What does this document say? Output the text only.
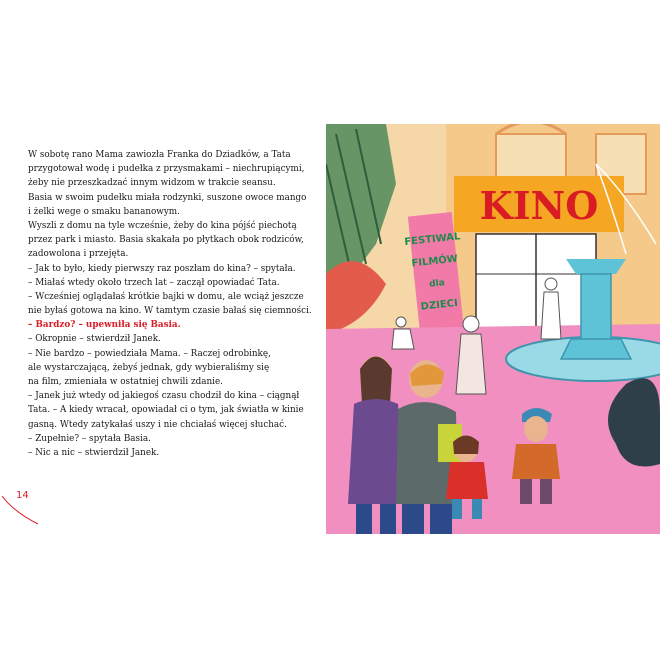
W sobotę rano Mama zawiozła Franka do Dziadków, a Tata
przygotował wodę i pudełka z przysmakami – niechrupiącymi,
żeby nie przeszkadzać innym widzom w trakcie seansu.
Basia w swoim pudełku miała rodzynki, suszone owoce mango
i żelki wege o smaku bananowym.
Wyszli z domu na tyle wcześnie, żeby do kina pójść piechotą
przez park i miasto. Basia skakała po płytkach obok rodziców,
zadowolona i przejęta.
– Jak to było, kiedy pierwszy raz poszłam do kina? – spytała.
– Miałaś wtedy około trzech lat – zaczął opowiadać Tata.
– Wcześniej oglądałaś krótkie bajki w domu, ale wciąż jeszcze
nie byłaś gotowa na kino. W tamtym czasie bałaś się ciemności.
– Bardzo? – upewniła się Basia.
– Okropnie – stwierdził Janek.
– Nie bardzo – powiedziała Mama. – Raczej odrobinkę,
ale wystarczającą, żebyś jednak, gdy wybieraliśmy się
na film, zmieniała w ostatniej chwili zdanie.
– Janek już wtedy od jakiegoś czasu chodził do kina – ciągnął
Tata. – A kiedy wracał, opowiadał ci o tym, jak światła w kinie
gasną. Wtedy zatykałaś uszy i nie chciałaś więcej słuchać.
– Zupełnie? – spytała Basia.
– Nic a nic – stwierdził Janek.
14
KINO
FESTIWAL
FILMÓW
dla
DZIECI
